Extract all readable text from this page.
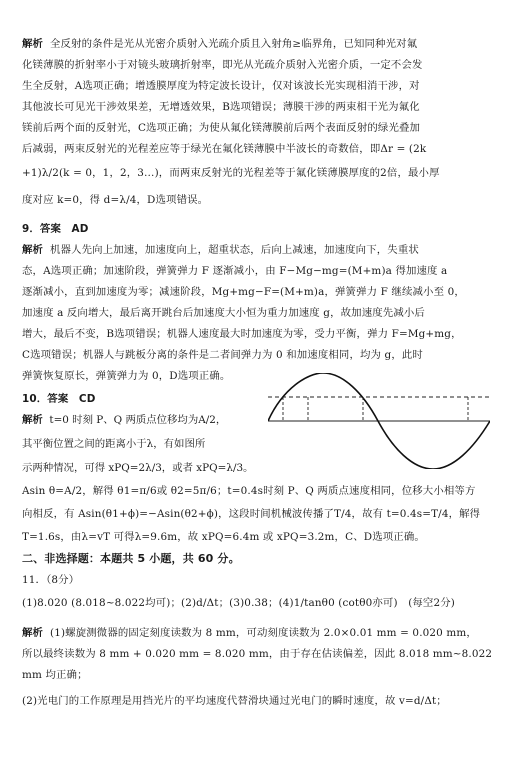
解析 全反射的条件是光从光密介质射入光疏介质且入射角≥临界角，已知同种光对氟
化镁薄膜的折射率小于对镜头玻璃折射率，即光从光疏介质射入光密介质，一定不会发
生全反射，A选项正确；增透膜厚度为特定波长设计，仅对该波长光实现相消干涉，对
其他波长可见光干涉效果差，无增透效果，B选项错误；薄膜干涉的两束相干光为氟化
镁前后两个面的反射光，C选项正确；为使从氟化镁薄膜前后两个表面反射的绿光叠加
后减弱，两束反射光的光程差应等于绿光在氟化镁薄膜中半波长的奇数倍，即Δr = (2k
+1)λ/2(k = 0，1，2，3…)，而两束反射光的光程差等于氟化镁薄膜厚度的2倍，最小厚
度对应 k=0，得 d=λ/4，D选项错误。
9．答案　AD
解析 机器人先向上加速，加速度向上，超重状态，后向上减速，加速度向下，失重状
态，A选项正确；加速阶段，弹簧弹力 F 逐渐减小，由 F−Mg−mg=(M+m)a 得加速度 a
逐渐减小，直到加速度为零；减速阶段，Mg+mg−F=(M+m)a，弹簧弹力 F 继续减小至 0，
加速度 a 反向增大，最后离开跳台后加速度大小恒为重力加速度 g，故加速度先减小后
增大，最后不变，B选项错误；机器人速度最大时加速度为零，受力平衡，弹力 F=Mg+mg，
C选项错误；机器人与跳板分离的条件是二者间弹力为 0 和加速度相同，均为 g，此时
弹簧恢复原长，弹簧弹力为 0，D选项正确。
10．答案　CD
解析 t=0 时刻 P、Q 两质点位移均为A/2，
其平衡位置之间的距离小于λ，有如图所
示两种情况，可得 xPQ=2λ/3，或者 xPQ=λ/3。
Asin θ=A/2，解得 θ1=π/6或 θ2=5π/6；t=0.4s时刻 P、Q 两质点速度相同，位移大小相等方
向相反，有 Asin(θ1+ϕ)=−Asin(θ2+ϕ)，这段时间机械波传播了T/4，故有 t=0.4s=T/4，解得
T=1.6s，由λ=vT 可得λ=9.6m，故 xPQ=6.4m 或 xPQ=3.2m，C、D选项正确。
二、非选择题：本题共 5 小题，共 60 分。
11．（8分）
(1)8.020 (8.018~8.022均可)；(2)d/Δt；(3)0.38；(4)1/tanθ0 (cotθ0亦可)　(每空2分)
解析 (1)螺旋测微器的固定刻度读数为 8 mm，可动刻度读数为 2.0×0.01 mm = 0.020 mm，
所以最终读数为 8 mm + 0.020 mm = 8.020 mm，由于存在估读偏差，因此 8.018 mm~8.022
mm 均正确；
(2)光电门的工作原理是用挡光片的平均速度代替滑块通过光电门的瞬时速度，故 v=d/Δt；
